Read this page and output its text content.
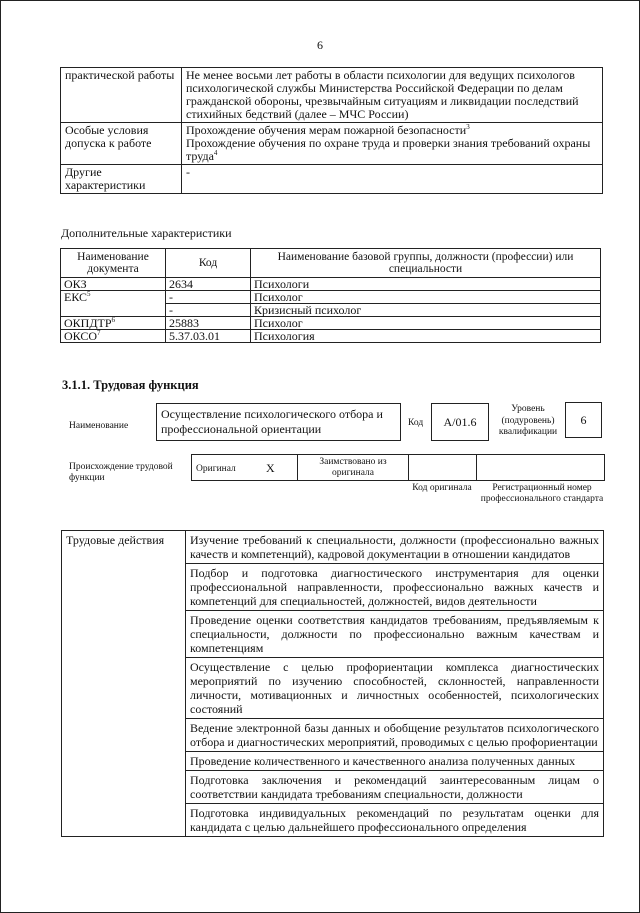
6
практической работы	Не менее восьми лет работы в области психологии для ведущих психологов психологической службы Министерства Российской Федерации по делам гражданской обороны, чрезвычайным ситуациям и ликвидации последствий стихийных бедствий (далее – МЧС России)
Особые условия допуска к работе	Прохождение обучения мерам пожарной безопасности$^3$
Прохождение обучения по охране труда и проверки знания требований охраны труда$^4$

Другие характеристики	-
Дополнительные характеристики
Наименование документа	Код	Наименование базовой группы, должности (профессии) или специальности
ОКЗ	2634	Психологи
ЕКС$^5$	-	Психолог
	-	Кризисный психолог
ОКПДТР$^6$	25883	Психолог
ОКСО$^7$	5.37.03.01	Психология
3.1.1. Трудовая функция
Наименование
Осуществление психологического отбора и профессиональной ориентации	Код	A/01.6
Уровень (подуровень) квалификации
6
Происхождение трудовой функции
Оригинал	X	Заимствовано из оригинала
Код оригинала	Регистрационный номер профессионального стандарта
Трудовые действия	Изучение требований к специальности, должности (профессионально важных качеств и компетенций), кадровой документации в отношении кандидатов
Подбор и подготовка диагностического инструментария для оценки профессиональной направленности, профессионально важных качеств и компетенций для специальностей, должностей, видов деятельности
Проведение оценки соответствия кандидатов требованиям, предъявляемым к специальности, должности по профессионально важным качествам и компетенциям
Осуществление с целью профориентации комплекса диагностических мероприятий по изучению способностей, склонностей, направленности личности, мотивационных и личностных особенностей, психологических состояний
Ведение электронной базы данных и обобщение результатов психологического отбора и диагностических мероприятий, проводимых с целью профориентации
Проведение количественного и качественного анализа полученных данных
Подготовка заключения и рекомендаций заинтересованным лицам о соответствии кандидата требованиям специальности, должности
Подготовка индивидуальных рекомендаций по результатам оценки для кандидата с целью дальнейшего профессионального определения
